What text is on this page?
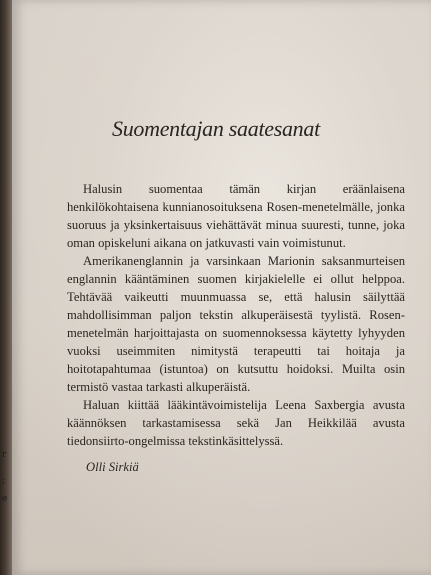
r
;
e
Suomentajan saatesanat

Halusin suomentaa tämän kirjan eräänlaisena henkilökohtaisena kunnianosoituksena Rosen-menetelmälle, jonka suoruus ja yksinkertaisuus viehättävät minua suuresti, tunne, joka oman opiskeluni aikana on jatkuvasti vain voimistunut.

Amerikanenglannin ja varsinkaan Marionin saksanmurteisen englannin kääntäminen suomen kirjakielelle ei ollut helppoa. Tehtävää vaikeutti muunmuassa se, että halusin säilyttää mahdollisimman paljon tekstin alkuperäisestä tyylistä. Rosen-menetelmän harjoittajasta on suomennoksessa käytetty lyhyyden vuoksi useimmiten nimitystä terapeutti tai hoitaja ja hoitotapahtumaa (istuntoa) on kutsuttu hoidoksi. Muilta osin termistö vastaa tarkasti alkuperäistä.

Haluan kiittää lääkintävoimistelija Leena Saxbergia avusta käännöksen tarkastamisessa sekä Jan Heikkilää avusta tiedonsiirto-ongelmissa tekstinkäsittelyssä.

Olli Sirkiä
